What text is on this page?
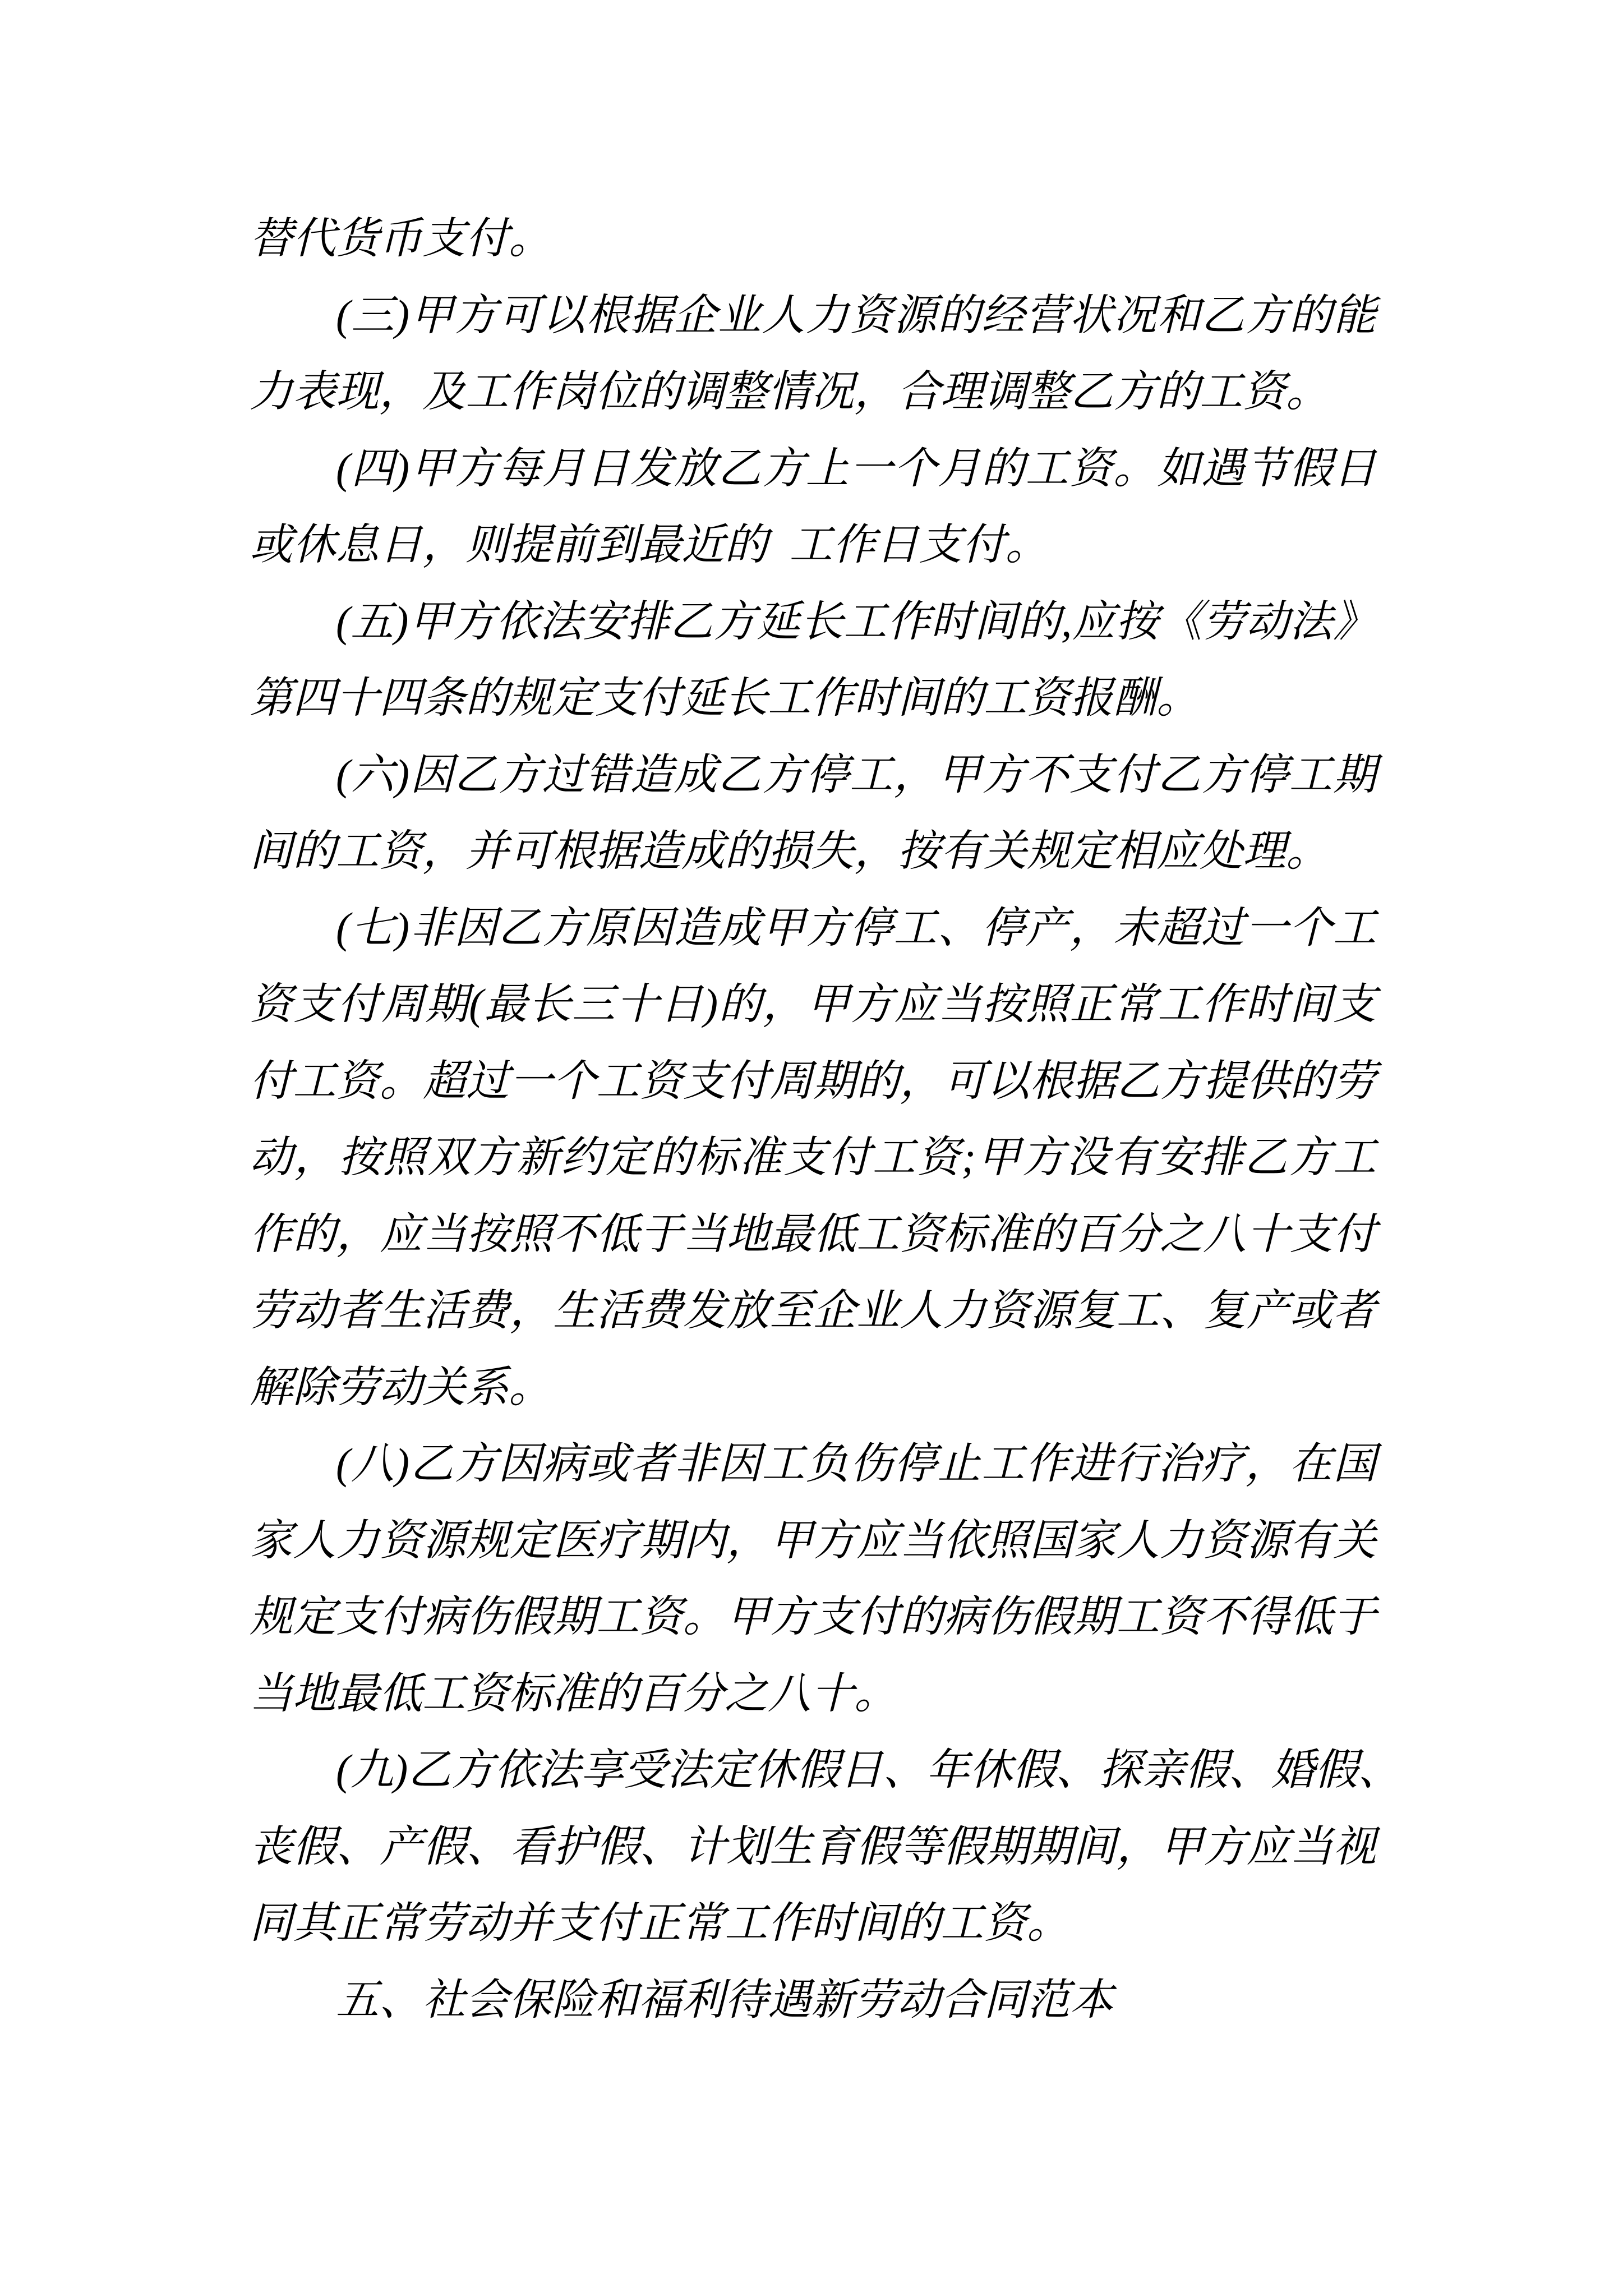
替代货币支付。
(三)甲方可以根据企业人力资源的经营状况和乙方的能
力表现，及工作岗位的调整情况，合理调整乙方的工资。
(四)甲方每月日发放乙方上一个月的工资。如遇节假日
或休息日，则提前到最近的 工作日支付。
(五)甲方依法安排乙方延长工作时间的,应按《劳动法》
第四十四条的规定支付延长工作时间的工资报酬。
(六)因乙方过错造成乙方停工，甲方不支付乙方停工期
间的工资，并可根据造成的损失，按有关规定相应处理。
(七)非因乙方原因造成甲方停工、停产，未超过一个工
资支付周期(最长三十日)的，甲方应当按照正常工作时间支
付工资。超过一个工资支付周期的，可以根据乙方提供的劳
动，按照双方新约定的标准支付工资;甲方没有安排乙方工
作的，应当按照不低于当地最低工资标准的百分之八十支付
劳动者生活费，生活费发放至企业人力资源复工、复产或者
解除劳动关系。
(八)乙方因病或者非因工负伤停止工作进行治疗，在国
家人力资源规定医疗期内，甲方应当依照国家人力资源有关
规定支付病伤假期工资。甲方支付的病伤假期工资不得低于
当地最低工资标准的百分之八十。
(九)乙方依法享受法定休假日、年休假、探亲假、婚假、
丧假、产假、看护假、计划生育假等假期期间，甲方应当视
同其正常劳动并支付正常工作时间的工资。
五、社会保险和福利待遇新劳动合同范本
